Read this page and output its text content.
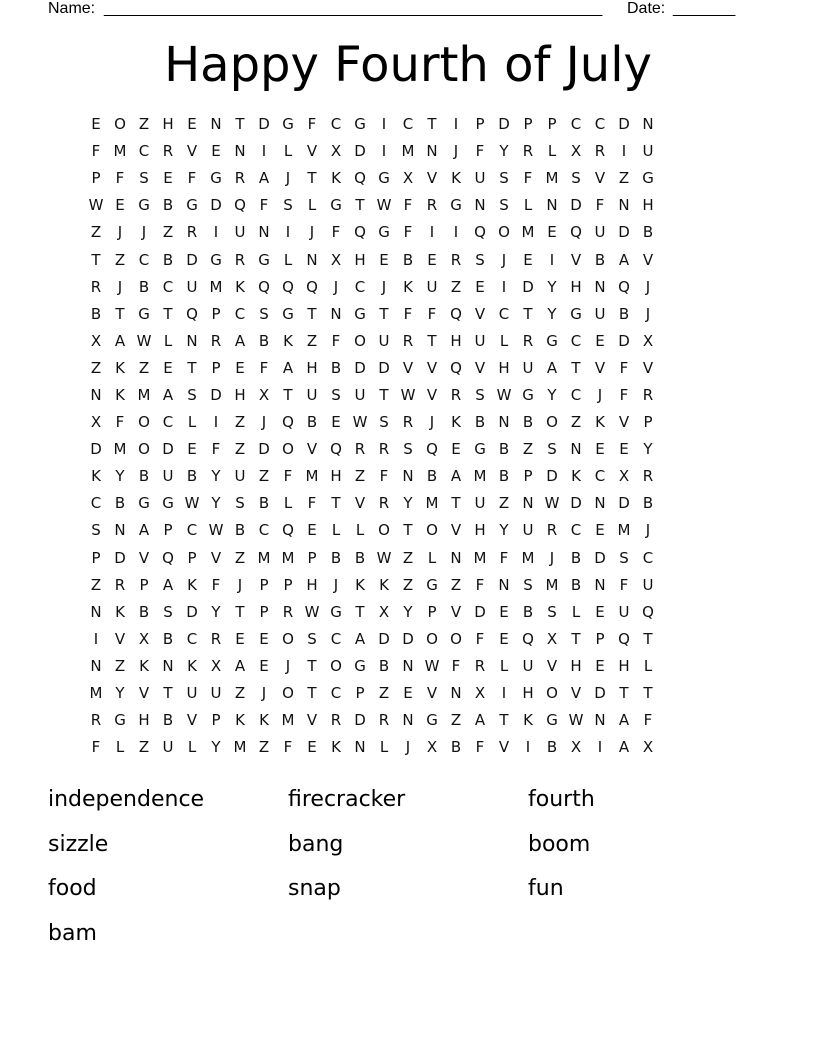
Name: ________________________________________________________ Date: _______
Happy Fourth of July
E O Z H E N T D G F C G	I	C T	I	P D P P C C D N
F M C R V E N	I	L V X D	I	M N	J	F	Y R L X R	I	U
P	F S E F G R A	J	T K Q G X V K U S F M S V Z G
W E G B G D Q F S	L G T W F R G N S	L N D F N H
Z	J	J	Z R	I	U N	I	J	F Q G F	I	I	Q O M E Q U D B
T Z C B D G R G L N X H E B E R S	J	E	I	V B A V
R	J	B C U M K Q Q Q	J	C	J	K U Z E	I	D Y H N Q	J
B T G T Q P C S G T N G T	F	F Q V C T Y G U B	J
X A W L N R A B K Z F O U R T H U L R G C E D X
Z K Z E T P E F A H B D D V V Q V H U A T V F V
N K M A S D H X T U S U T W V R S W G Y C	J	F R
X F O C L	I	Z	J	Q B E W S R	J	K B N B O Z K V P
D M O D E F Z D O V Q R R S Q E G B Z S N E E Y
K Y B U B Y U Z F M H Z F N B A M B P D K C X R
C B G G W Y S B L	F	T V R Y M T U Z N W D N D B
S N A P C W B C Q E	L	L O T O V H Y U R C E M	J
P D V Q P V Z M M P B B W Z L N M F M	J	B D S C
Z R P A K F	J	P P H	J	K K Z G Z F N S M B N F U
N K B S D Y T P R W G T X Y P V D E B S	L	E U Q
I	V X B C R E E O S C A D D O O F E Q X T P Q T
N Z K N K X A E	J	T O G B N W F R L U V H E H L
M Y V T U U Z	J	O T C P Z E V N X	I	H O V D T T
R G H B V P K K M V R D R N G Z A T K G W N A F
F	L Z U L	Y M Z F E K N L	J	X B F V	I	B X	I	A X
independence	firecracker	fourth
sizzle	bang	boom
food	snap	fun
bam
